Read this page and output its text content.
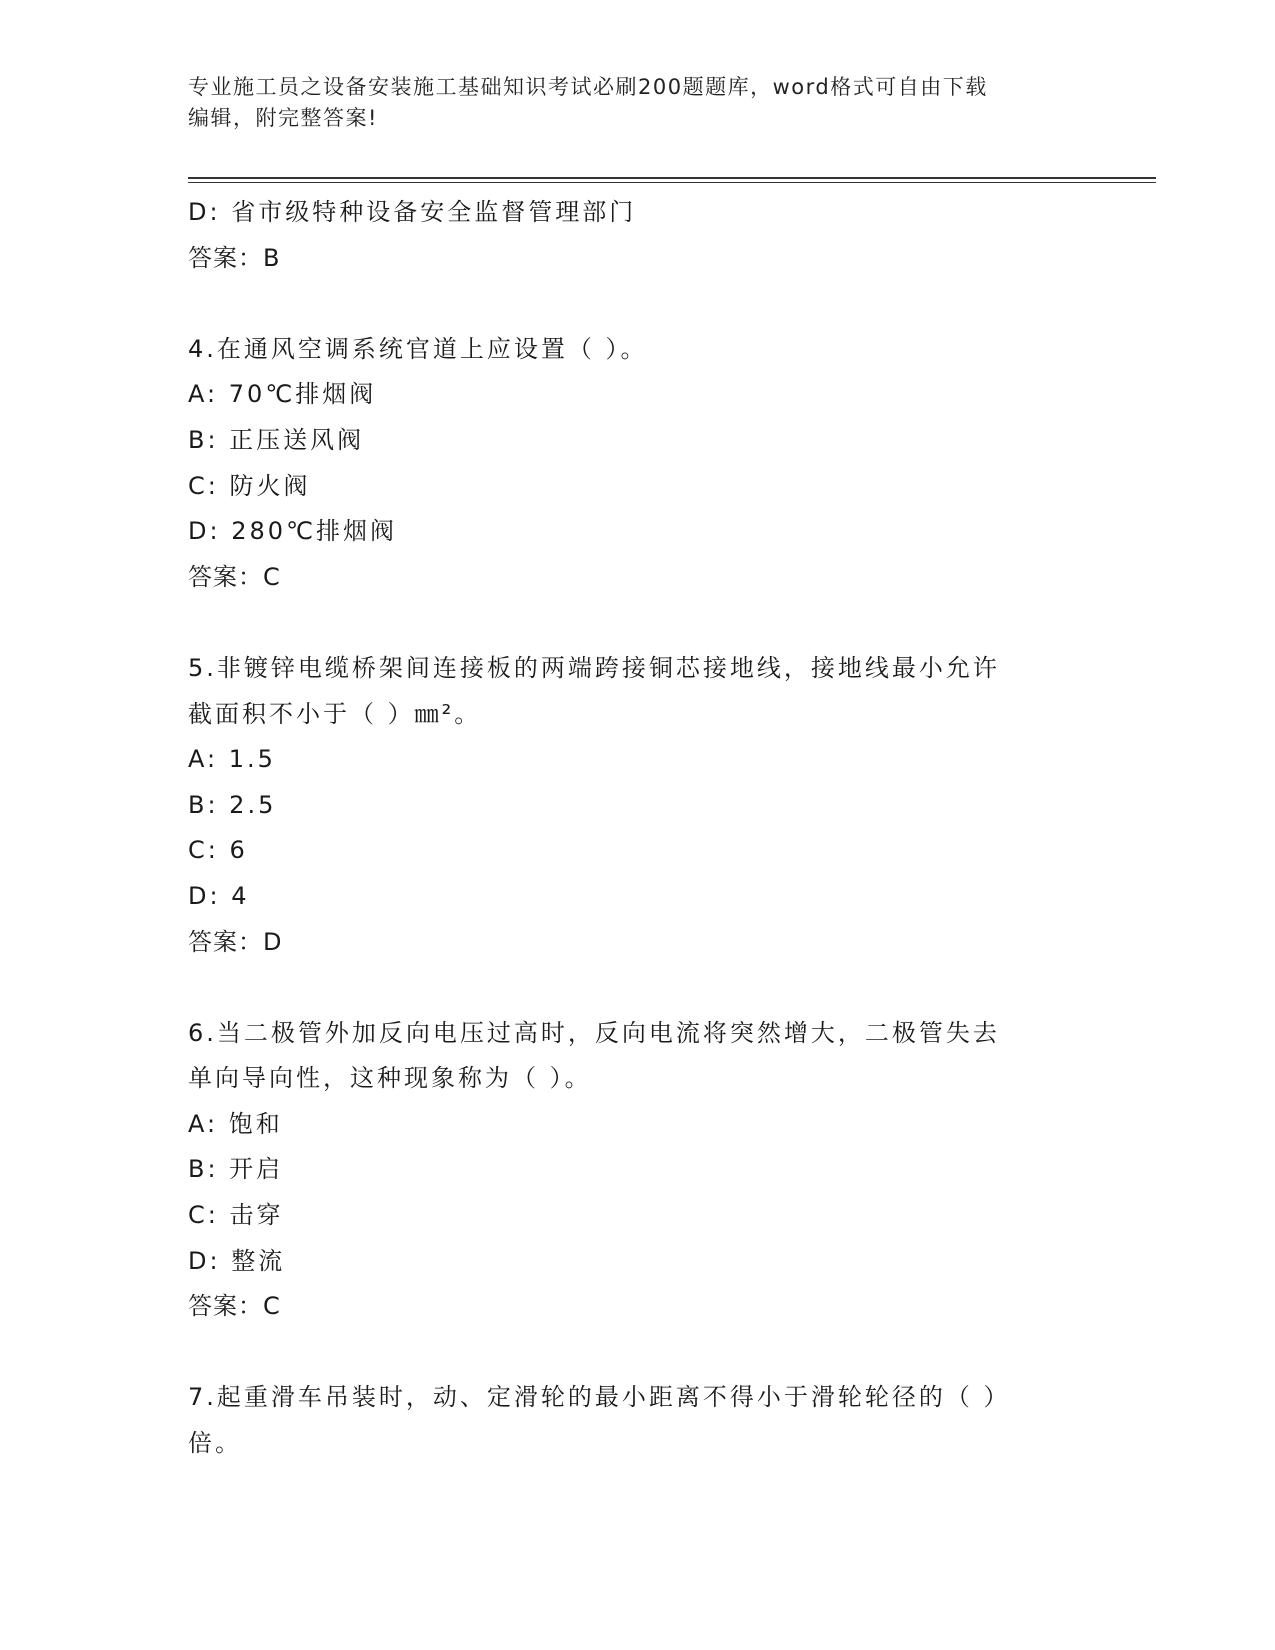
专业施工员之设备安装施工基础知识考试必刷200题题库，word格式可自由下载
编辑，附完整答案!
D: 省市级特种设备安全监督管理部门
答案：B
4.在通风空调系统官道上应设置（ ）。
A: 70℃排烟阀
B: 正压送风阀
C: 防火阀
D: 280℃排烟阀
答案：C
5.非镀锌电缆桥架间连接板的两端跨接铜芯接地线，接地线最小允许
截面积不小于（ ）㎜²。
A: 1.5
B: 2.5
C: 6
D: 4
答案：D
6.当二极管外加反向电压过高时，反向电流将突然增大，二极管失去
单向导向性，这种现象称为（ ）。
A: 饱和
B: 开启
C: 击穿
D: 整流
答案：C
7.起重滑车吊装时，动、定滑轮的最小距离不得小于滑轮轮径的（ ）
倍。
